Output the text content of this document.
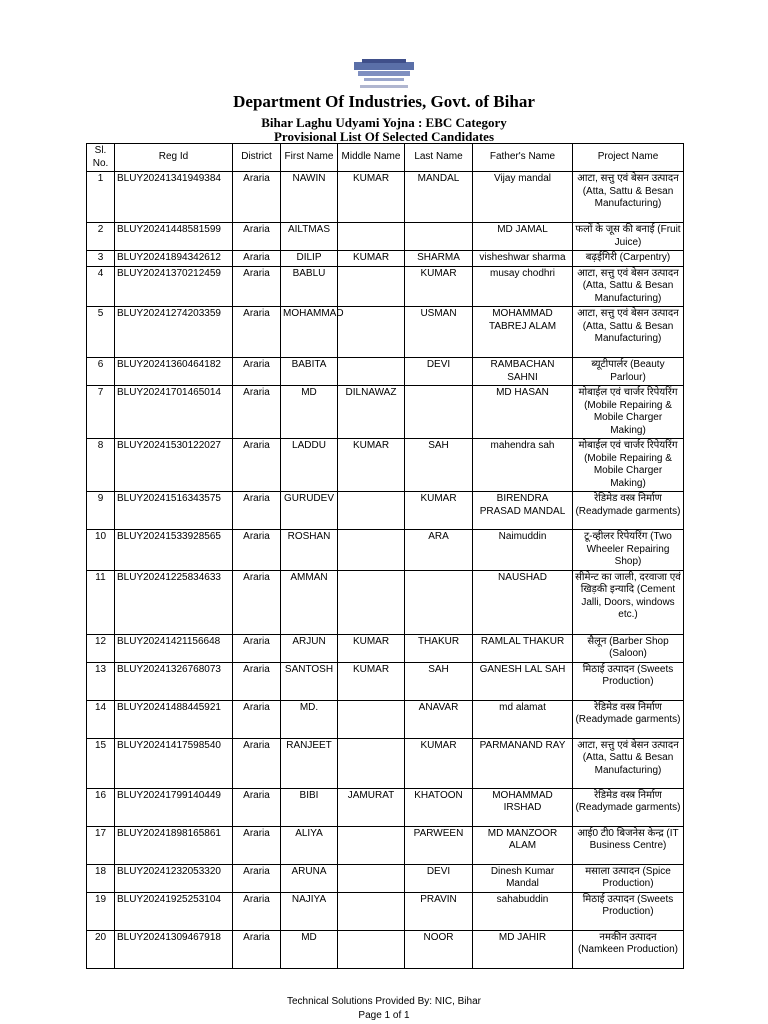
Department Of Industries, Govt. of Bihar
Bihar Laghu Udyami Yojna : EBC Category
Provisional List Of Selected Candidates
Sl. No.	Reg Id	District	First Name	Middle Name	Last Name	Father's Name	Project Name
1	BLUY20241341949384	Araria	NAWIN	KUMAR	MANDAL	Vijay mandal	आटा, सत्तु एवं बेसन उत्पादन (Atta, Sattu & Besan Manufacturing)
2	BLUY20241448581599	Araria	AILTMAS			MD JAMAL	फलों के जूस की बनाई (Fruit Juice)
3	BLUY20241894342612	Araria	DILIP	KUMAR	SHARMA	visheshwar sharma	बढ़ईगिरी (Carpentry)
4	BLUY20241370212459	Araria	BABLU		KUMAR	musay chodhri	आटा, सत्तु एवं बेसन उत्पादन (Atta, Sattu & Besan Manufacturing)
5	BLUY20241274203359	Araria	MOHAMMAD		USMAN	MOHAMMAD TABREJ ALAM	आटा, सत्तु एवं बेसन उत्पादन (Atta, Sattu & Besan Manufacturing)
6	BLUY20241360464182	Araria	BABITA		DEVI	RAMBACHAN SAHNI	ब्यूटीपार्लर (Beauty Parlour)
7	BLUY20241701465014	Araria	MD	DILNAWAZ		MD HASAN	मोबाईल एवं चार्जर रिपेयरिंग (Mobile Repairing & Mobile Charger Making)
8	BLUY20241530122027	Araria	LADDU	KUMAR	SAH	mahendra sah	मोबाईल एवं चार्जर रिपेयरिंग (Mobile Repairing & Mobile Charger Making)
9	BLUY20241516343575	Araria	GURUDEV		KUMAR	BIRENDRA PRASAD MANDAL	रेडिमेड वस्त्र निर्माण (Readymade garments)
10	BLUY20241533928565	Araria	ROSHAN		ARA	Naimuddin	टू-व्हीलर रिपेयरिंग (Two Wheeler Repairing Shop)
11	BLUY20241225834633	Araria	AMMAN			NAUSHAD	सीमेन्ट का जाली, दरवाजा एवं खिड़की इन्यादि (Cement Jalli, Doors, windows etc.)
12	BLUY20241421156648	Araria	ARJUN	KUMAR	THAKUR	RAMLAL THAKUR	सैलून (Barber Shop (Saloon)
13	BLUY20241326768073	Araria	SANTOSH	KUMAR	SAH	GANESH LAL SAH	मिठाई उत्पादन (Sweets Production)
14	BLUY20241488445921	Araria	MD.		ANAVAR	md alamat	रेडिमेड वस्त्र निर्माण (Readymade garments)
15	BLUY20241417598540	Araria	RANJEET		KUMAR	PARMANAND RAY	आटा, सत्तु एवं बेसन उत्पादन (Atta, Sattu & Besan Manufacturing)
16	BLUY20241799140449	Araria	BIBI	JAMURAT	KHATOON	MOHAMMAD IRSHAD	रेडिमेड वस्त्र निर्माण (Readymade garments)
17	BLUY20241898165861	Araria	ALIYA		PARWEEN	MD MANZOOR ALAM	आई0 टी0 बिजनेस केन्द्र (IT Business Centre)
18	BLUY20241232053320	Araria	ARUNA		DEVI	Dinesh Kumar Mandal	मसाला उत्पादन (Spice Production)
19	BLUY20241925253104	Araria	NAJIYA		PRAVIN	sahabuddin	मिठाई उत्पादन (Sweets Production)
20	BLUY20241309467918	Araria	MD		NOOR	MD JAHIR	नमकीन उत्पादन (Namkeen Production)
Technical Solutions Provided By: NIC, Bihar
Page 1 of 1
